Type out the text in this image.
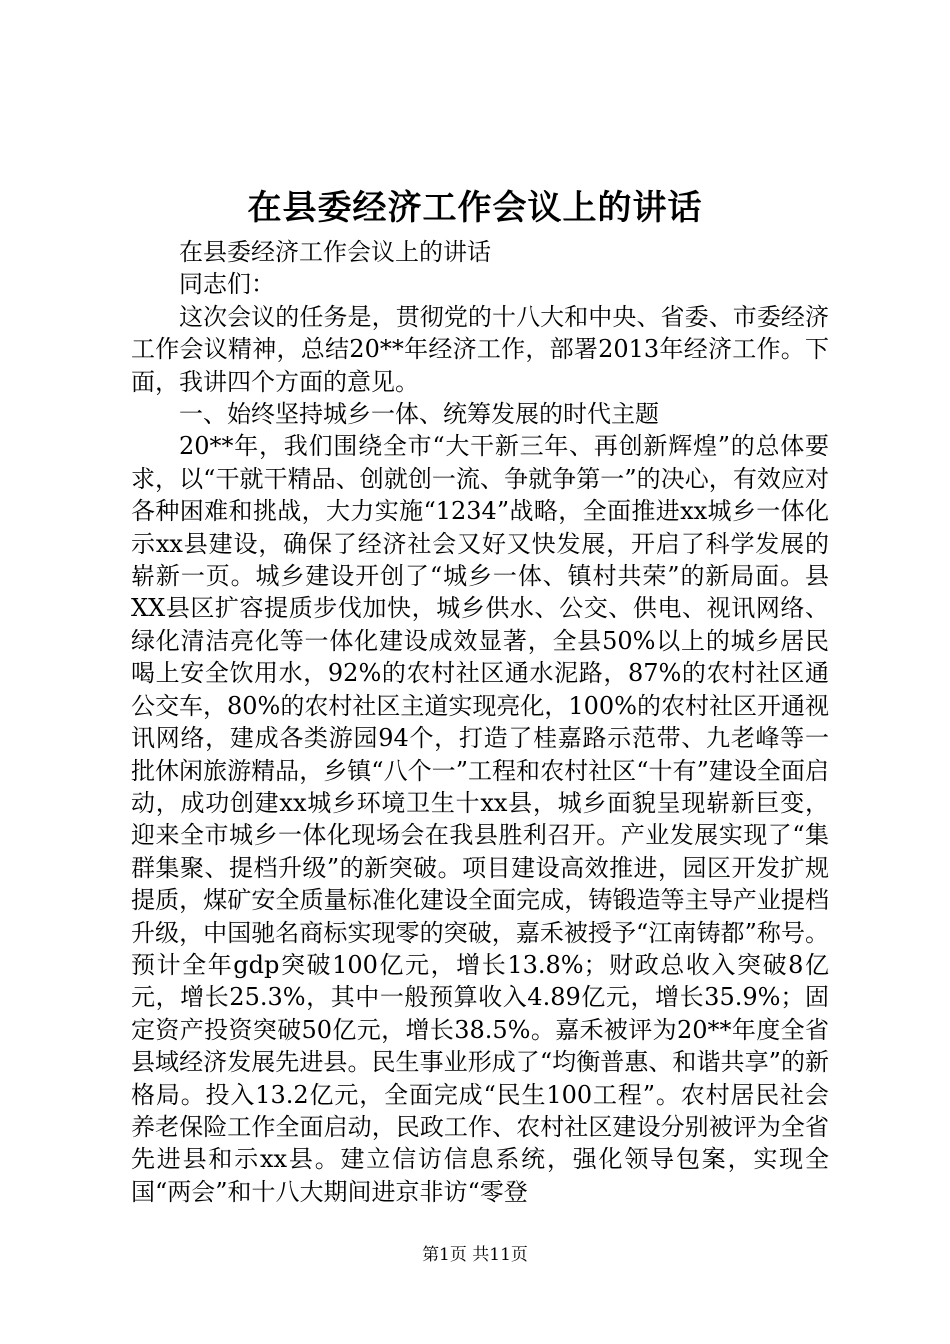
在县委经济工作会议上的讲话

在县委经济工作会议上的讲话

同志们：

这次会议的任务是，贯彻党的十八大和中央、省委、市委经济工作会议精神，总结20**年经济工作，部署2013年经济工作。下面，我讲四个方面的意见。

一、始终坚持城乡一体、统筹发展的时代主题

20**年，我们围绕全市“大干新三年、再创新辉煌”的总体要求，以“干就干精品、创就创一流、争就争第一”的决心，有效应对各种困难和挑战，大力实施“1234”战略，全面推进xx城乡一体化示xx县建设，确保了经济社会又好又快发展，开启了科学发展的崭新一页。城乡建设开创了“城乡一体、镇村共荣”的新局面。县XX县区扩容提质步伐加快，城乡供水、公交、供电、视讯网络、绿化清洁亮化等一体化建设成效显著，全县50%以上的城乡居民喝上安全饮用水，92%的农村社区通水泥路，87%的农村社区通公交车，80%的农村社区主道实现亮化，100%的农村社区开通视讯网络，建成各类游园94个，打造了桂嘉路示范带、九老峰等一批休闲旅游精品，乡镇“八个一”工程和农村社区“十有”建设全面启动，成功创建xx城乡环境卫生十xx县，城乡面貌呈现崭新巨变，迎来全市城乡一体化现场会在我县胜利召开。产业发展实现了“集群集聚、提档升级”的新突破。项目建设高效推进，园区开发扩规提质，煤矿安全质量标准化建设全面完成，铸锻造等主导产业提档升级，中国驰名商标实现零的突破，嘉禾被授予“江南铸都”称号。预计全年gdp突破100亿元，增长13.8%；财政总收入突破8亿元，增长25.3%，其中一般预算收入4.89亿元，增长35.9%；固定资产投资突破50亿元，增长38.5%。嘉禾被评为20**年度全省县域经济发展先进县。民生事业形成了“均衡普惠、和谐共享”的新格局。投入13.2亿元，全面完成“民生100工程”。农村居民社会养老保险工作全面启动，民政工作、农村社区建设分别被评为全省先进县和示xx县。建立信访信息系统，强化领导包案，实现全国“两会”和十八大期间进京非访“零登

第1页 共11页
